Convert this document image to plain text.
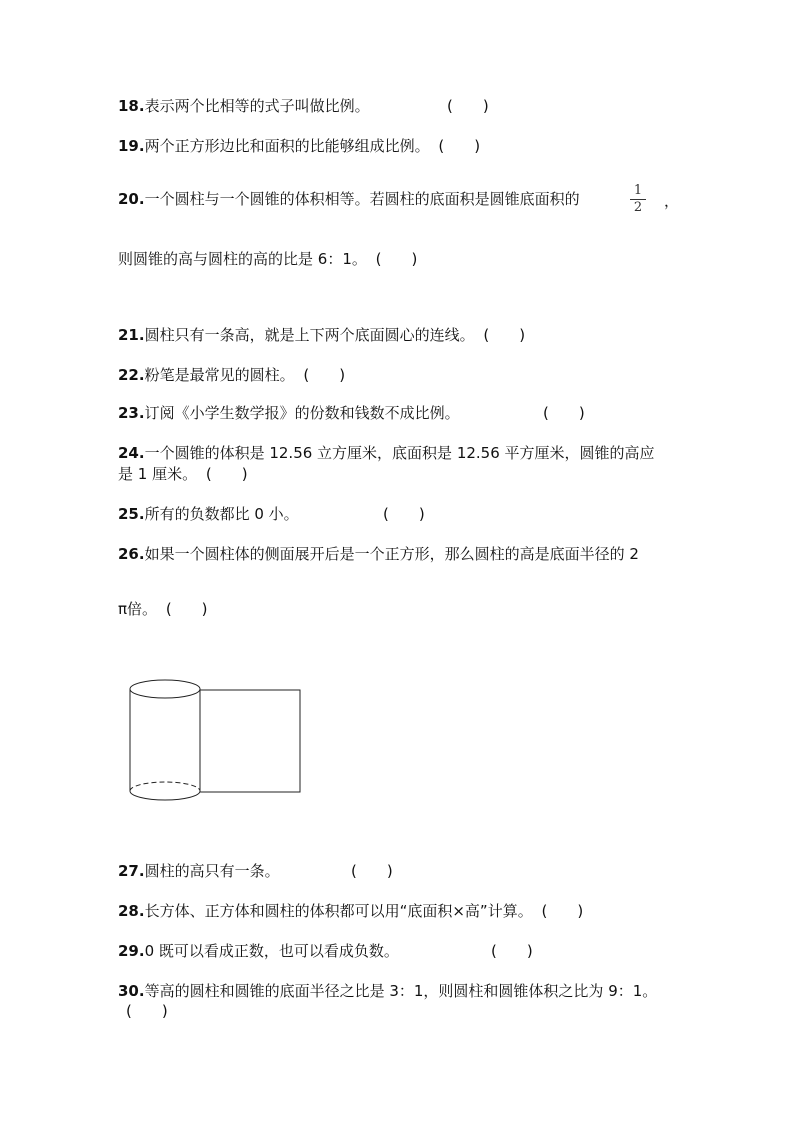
18.表示两个比相等的式子叫做比例。	(　　)
19.两个正方形边比和面积的比能够组成比例。 (　　)
20.一个圆柱与一个圆锥的体积相等。若圆柱的底面积是圆锥底面积的	1
2 ，
则圆锥的高与圆柱的高的比是 6：1。 (　　)
21.圆柱只有一条高，就是上下两个底面圆心的连线。 (　　)
22.粉笔是最常见的圆柱。 (　　)
23.订阅《小学生数学报》的份数和钱数不成比例。	(　　)
24.一个圆锥的体积是 12.56 立方厘米，底面积是 12.56 平方厘米，圆锥的高应
是 1 厘米。 (　　)
25.所有的负数都比 0 小。	(　　)
26.如果一个圆柱体的侧面展开后是一个正方形，那么圆柱的高是底面半径的 2
π倍。 (　　)
27.圆柱的高只有一条。	(　　)
28.长方体、正方体和圆柱的体积都可以用“底面积×高”计算。 (　　)
29.0 既可以看成正数，也可以看成负数。	(　　)
30.等高的圆柱和圆锥的底面半径之比是 3：1，则圆柱和圆锥体积之比为 9：1。
(　　)
